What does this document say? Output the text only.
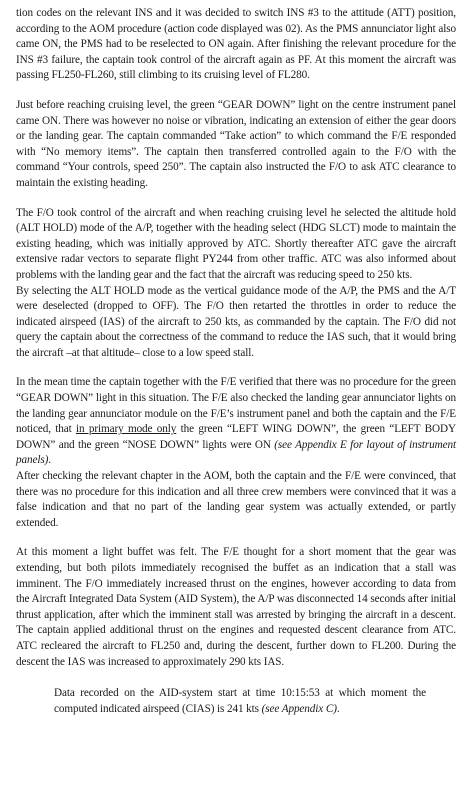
tion codes on the relevant INS and it was decided to switch INS #3 to the attitude (ATT) position, according to the AOM procedure (action code displayed was 02). As the PMS annunciator light also came ON, the PMS had to be reselected to ON again. After finishing the relevant procedure for the INS #3 failure, the captain took control of the aircraft again as PF. At this moment the aircraft was passing FL250-FL260, still climbing to its cruising level of FL280.

Just before reaching cruising level, the green “GEAR DOWN” light on the centre instrument panel came ON. There was however no noise or vibration, indicating an extension of either the gear doors or the landing gear. The captain commanded “Take action” to which command the F/E responded with “No memory items”. The captain then transferred controlled again to the F/O with the command “Your controls, speed 250”. The captain also instructed the F/O to ask ATC clearance to maintain the existing heading.

The F/O took control of the aircraft and when reaching cruising level he selected the altitude hold (ALT HOLD) mode of the A/P, together with the heading select (HDG SLCT) mode to maintain the existing heading, which was initially approved by ATC. Shortly thereafter ATC gave the aircraft extensive radar vectors to separate flight PY244 from other traffic. ATC was also informed about problems with the landing gear and the fact that the aircraft was reducing speed to 250 kts.

By selecting the ALT HOLD mode as the vertical guidance mode of the A/P, the PMS and the A/T were deselected (dropped to OFF). The F/O then retarted the throttles in order to reduce the indicated airspeed (IAS) of the aircraft to 250 kts, as commanded by the captain. The F/O did not query the captain about the correctness of the command to reduce the IAS such, that it would bring the aircraft –at that altitude– close to a low speed stall.

In the mean time the captain together with the F/E verified that there was no procedure for the green “GEAR DOWN” light in this situation. The F/E also checked the landing gear annunciator lights on the landing gear annunciator module on the F/E’s instrument panel and both the captain and the F/E noticed, that in primary mode only the green “LEFT WING DOWN”, the green “LEFT BODY DOWN” and the green “NOSE DOWN” lights were ON (see Appendix E for layout of instrument panels).

After checking the relevant chapter in the AOM, both the captain and the F/E were convinced, that there was no procedure for this indication and all three crew members were convinced that it was a false indication and that no part of the landing gear system was actually extended, or partly extended.

At this moment a light buffet was felt. The F/E thought for a short moment that the gear was extending, but both pilots immediately recognised the buffet as an indication that a stall was imminent. The F/O immediately increased thrust on the engines, however according to data from the Aircraft Integrated Data System (AID System), the A/P was disconnected 14 seconds after initial thrust application, after which the imminent stall was arrested by bringing the aircraft in a descent. The captain applied additional thrust on the engines and requested descent clearance from ATC. ATC recleared the aircraft to FL250 and, during the descent, further down to FL200. During the descent the IAS was increased to approximately 290 kts IAS.

Data recorded on the AID-system start at time 10:15:53 at which moment the computed indicated airspeed (CIAS) is 241 kts (see Appendix C).
